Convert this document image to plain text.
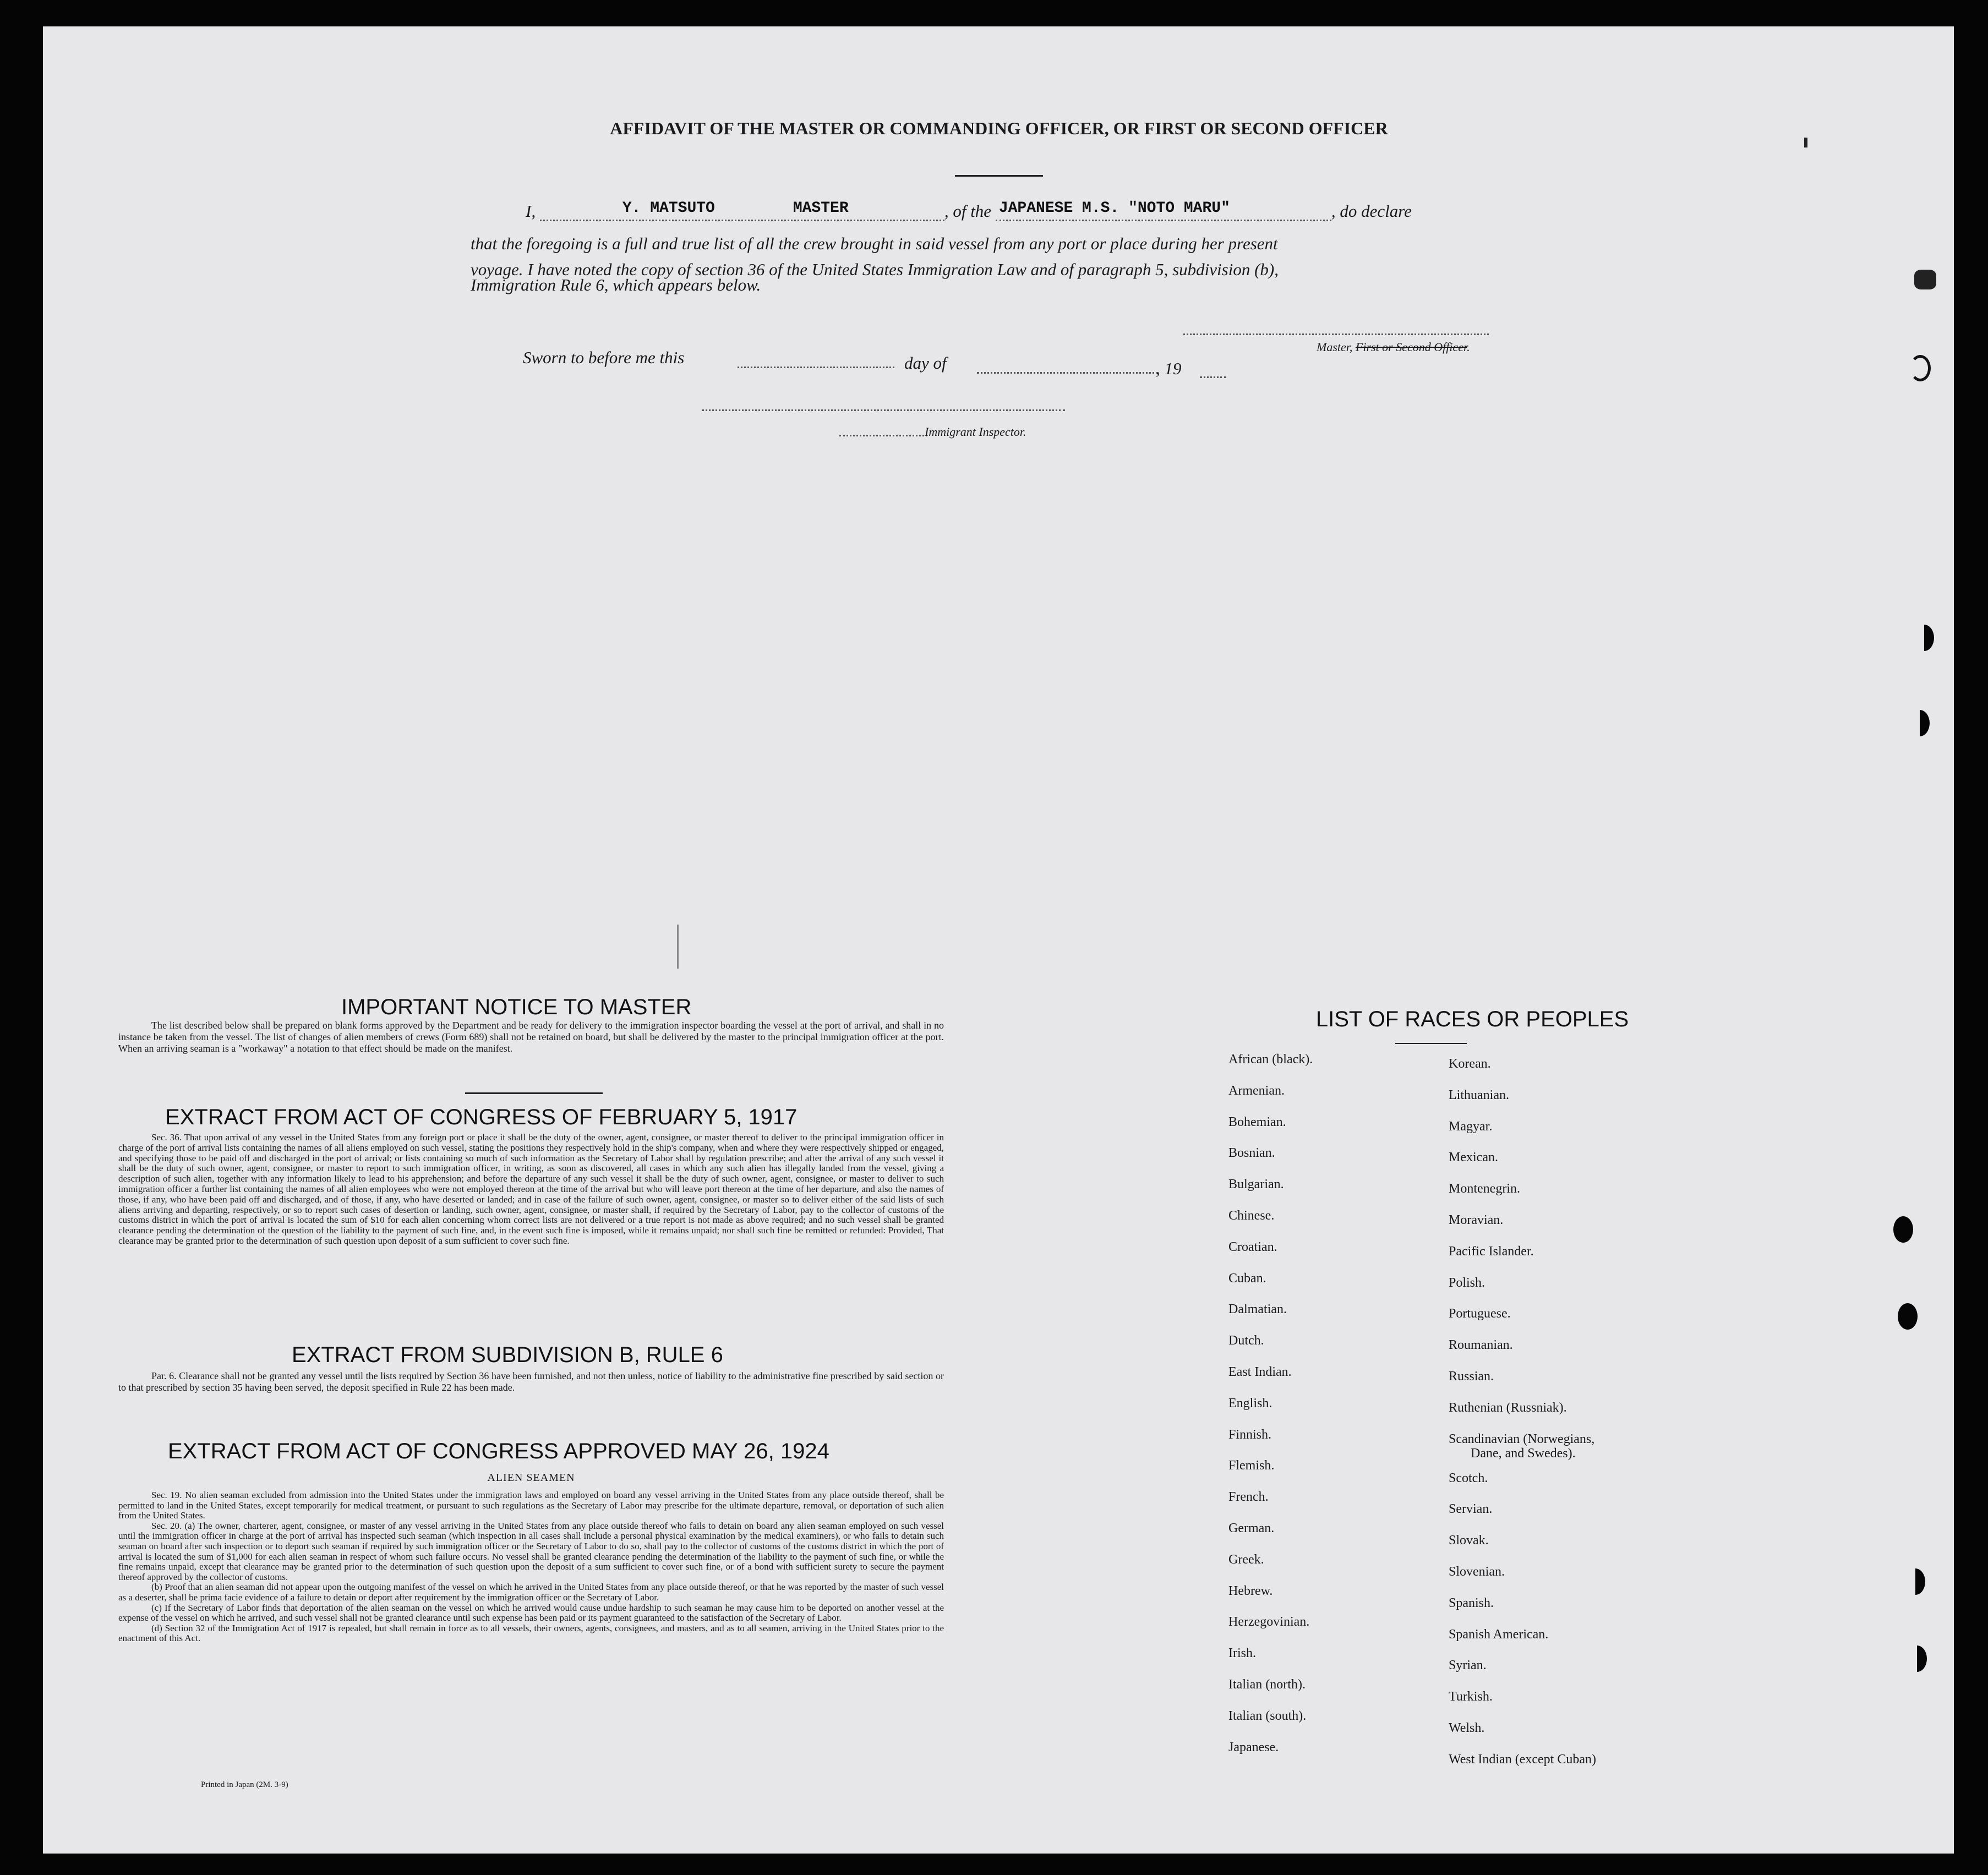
AFFIDAVIT OF THE MASTER OR COMMANDING OFFICER, OR FIRST OR SECOND OFFICER
I,	Y. MATSUTO	MASTER	, of the JAPANESE M.S. "NOTO MARU"	, do declare
that the foregoing is a full and true list of all the crew brought in said vessel from any port or place during her present
voyage. I have noted the copy of section 36 of the United States Immigration Law and of paragraph 5, subdivision (b),
Immigration Rule 6, which appears below.
Sworn to before me this	day of	, 19
Master, First or Second Officer.
Immigrant Inspector.
IMPORTANT NOTICE TO MASTER
The list described below shall be prepared on blank forms approved by the Department and be ready for delivery to the immigration inspector boarding the vessel at the port of arrival, and shall in no instance be taken from the vessel. The list of changes of alien members of crews (Form 689) shall not be retained on board, but shall be delivered by the master to the principal immigration officer at the port. When an arriving seaman is a "workaway" a notation to that effect should be made on the manifest.
EXTRACT FROM ACT OF CONGRESS OF FEBRUARY 5, 1917
Sec. 36. That upon arrival of any vessel in the United States from any foreign port or place it shall be the duty of the owner, agent, consignee, or master thereof to deliver to the principal immigration officer in charge of the port of arrival lists containing the names of all aliens employed on such vessel, stating the positions they respectively hold in the ship's company, when and where they were respectively shipped or engaged, and specifying those to be paid off and discharged in the port of arrival; or lists containing so much of such information as the Secretary of Labor shall by regulation prescribe; and after the arrival of any such vessel it shall be the duty of such owner, agent, consignee, or master to report to such immigration officer, in writing, as soon as discovered, all cases in which any such alien has illegally landed from the vessel, giving a description of such alien, together with any information likely to lead to his apprehension; and before the departure of any such vessel it shall be the duty of such owner, agent, consignee, or master to deliver to such immigration officer a further list containing the names of all alien employees who were not employed thereon at the time of the arrival but who will leave port thereon at the time of her departure, and also the names of those, if any, who have been paid off and discharged, and of those, if any, who have deserted or landed; and in case of the failure of such owner, agent, consignee, or master so to deliver either of the said lists of such aliens arriving and departing, respectively, or so to report such cases of desertion or landing, such owner, agent, consignee, or master shall, if required by the Secretary of Labor, pay to the collector of customs of the customs district in which the port of arrival is located the sum of $10 for each alien concerning whom correct lists are not delivered or a true report is not made as above required; and no such vessel shall be granted clearance pending the determination of the question of the liability to the payment of such fine, and, in the event such fine is imposed, while it remains unpaid; nor shall such fine be remitted or refunded: Provided, That clearance may be granted prior to the determination of such question upon deposit of a sum sufficient to cover such fine.
EXTRACT FROM SUBDIVISION B, RULE 6
Par. 6. Clearance shall not be granted any vessel until the lists required by Section 36 have been furnished, and not then unless, notice of liability to the administrative fine prescribed by said section or to that prescribed by section 35 having been served, the deposit specified in Rule 22 has been made.
EXTRACT FROM ACT OF CONGRESS APPROVED MAY 26, 1924
ALIEN SEAMEN
Sec. 19. No alien seaman excluded from admission into the United States under the immigration laws and employed on board any vessel arriving in the United States from any place outside thereof, shall be permitted to land in the United States, except temporarily for medical treatment, or pursuant to such regulations as the Secretary of Labor may prescribe for the ultimate departure, removal, or deportation of such alien from the United States.
Sec. 20. (a) The owner, charterer, agent, consignee, or master of any vessel arriving in the United States from any place outside thereof who fails to detain on board any alien seaman employed on such vessel until the immigration officer in charge at the port of arrival has inspected such seaman (which inspection in all cases shall include a personal physical examination by the medical examiners), or who fails to detain such seaman on board after such inspection or to deport such seaman if required by such immigration officer or the Secretary of Labor to do so, shall pay to the collector of customs of the customs district in which the port of arrival is located the sum of $1,000 for each alien seaman in respect of whom such failure occurs. No vessel shall be granted clearance pending the determination of the liability to the payment of such fine, or while the fine remains unpaid, except that clearance may be granted prior to the determination of such question upon the deposit of a sum sufficient to cover such fine, or of a bond with sufficient surety to secure the payment thereof approved by the collector of customs.
(b) Proof that an alien seaman did not appear upon the outgoing manifest of the vessel on which he arrived in the United States from any place outside thereof, or that he was reported by the master of such vessel as a deserter, shall be prima facie evidence of a failure to detain or deport after requirement by the immigration officer or the Secretary of Labor.
(c) If the Secretary of Labor finds that deportation of the alien seaman on the vessel on which he arrived would cause undue hardship to such seaman he may cause him to be deported on another vessel at the expense of the vessel on which he arrived, and such vessel shall not be granted clearance until such expense has been paid or its payment guaranteed to the satisfaction of the Secretary of Labor.
(d) Section 32 of the Immigration Act of 1917 is repealed, but shall remain in force as to all vessels, their owners, agents, consignees, and masters, and as to all seamen, arriving in the United States prior to the enactment of this Act.
Printed in Japan (2M. 3-9)
LIST OF RACES OR PEOPLES
African (black).
Armenian.
Bohemian.
Bosnian.
Bulgarian.
Chinese.
Croatian.
Cuban.
Dalmatian.
Dutch.
East Indian.
English.
Finnish.
Flemish.
French.
German.
Greek.
Hebrew.
Herzegovinian.
Irish.
Italian (north).
Italian (south).
Japanese.
Korean.
Lithuanian.
Magyar.
Mexican.
Montenegrin.
Moravian.
Pacific Islander.
Polish.
Portuguese.
Roumanian.
Russian.
Ruthenian (Russniak).
Scandinavian (Norwegians,
Dane, and Swedes).
Scotch.
Servian.
Slovak.
Slovenian.
Spanish.
Spanish American.
Syrian.
Turkish.
Welsh.
West Indian (except Cuban)
